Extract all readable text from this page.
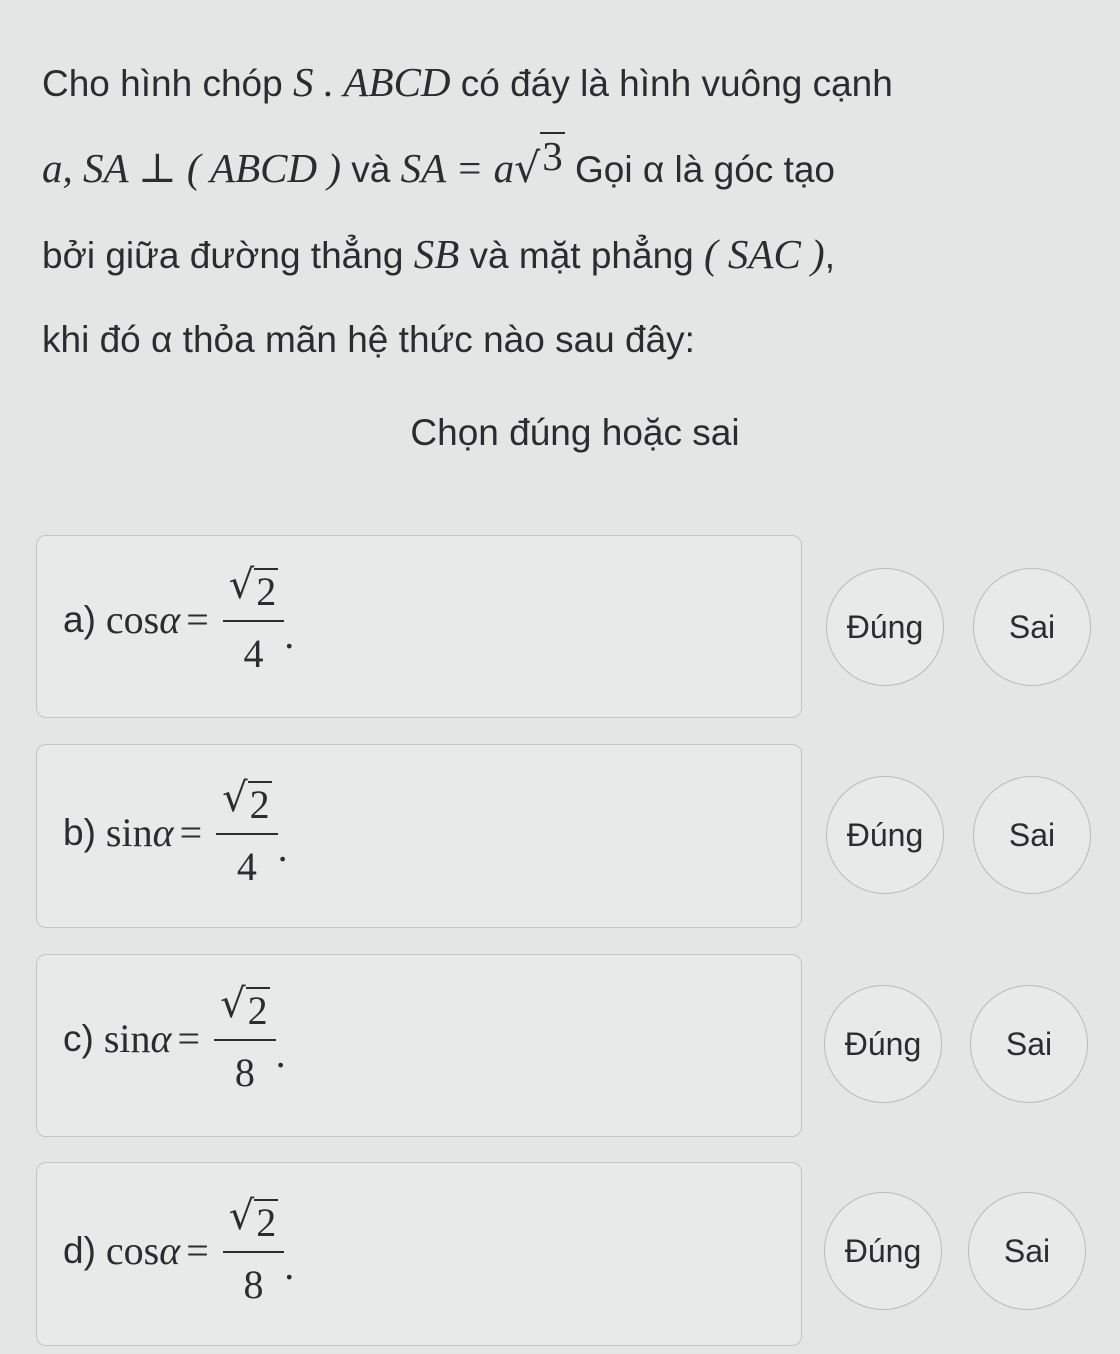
Cho hình chóp S . ABCD có đáy là hình vuông cạnh
a, SA ⊥ ( ABCD ) và SA = a √ 3 Gọi α là góc tạo
bởi giữa đường thẳng SB và mặt phẳng ( SAC ),
khi đó α thỏa mãn hệ thức nào sau đây:
Chọn đúng hoặc sai
a) $\cos \alpha = \frac{√ 2}{4}$ .	Đúng	Sai
b) $\sin \alpha = \frac{√ 2}{4}$ .	Đúng	Sai
c) $\sin \alpha = \frac{√ 2}{8}$ .	Đúng	Sai
d) $\cos \alpha = \frac{√ 2}{8}$ .	Đúng	Sai
